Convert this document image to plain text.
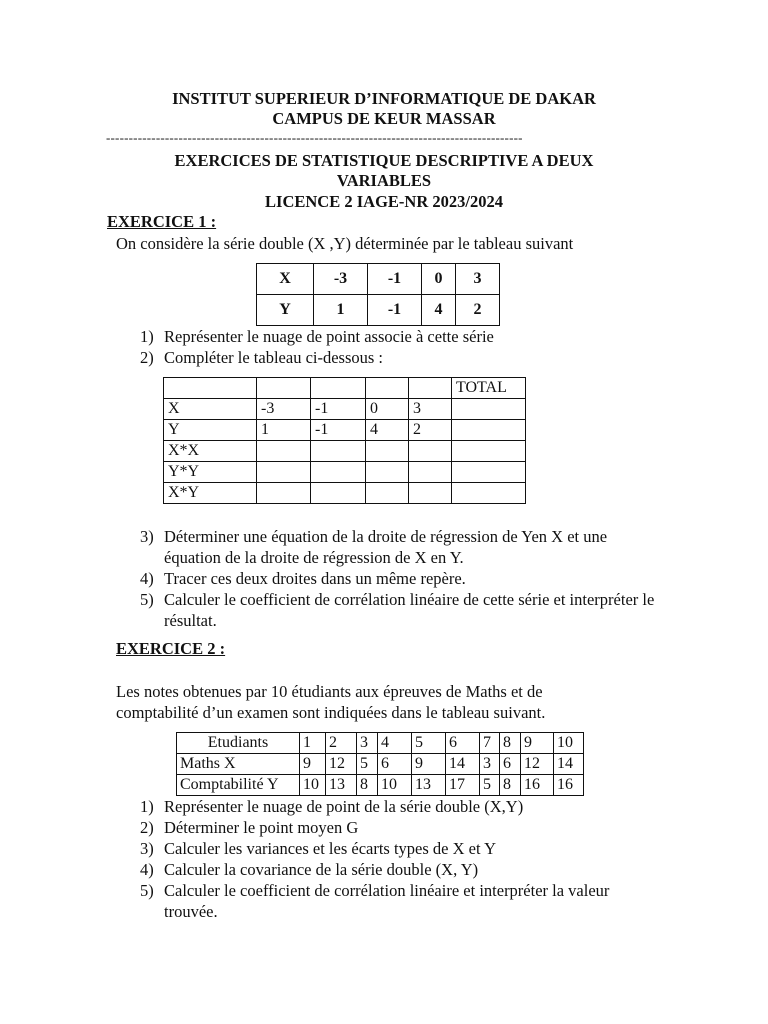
INSTITUT SUPERIEUR D’INFORMATIQUE DE DAKAR
CAMPUS DE KEUR MASSAR
--------------------------------------------------------------------------------------------
EXERCICES DE STATISTIQUE DESCRIPTIVE A DEUX
VARIABLES
LICENCE 2 IAGE-NR 2023/2024
EXERCICE 1 :
On considère la série double (X ,Y) déterminée par le tableau suivant
X	-3	-1	0	3
Y	1	-1	4	2
1) Représenter le nuage de point associe à cette série
2) Compléter le tableau ci-dessous :
					TOTAL
X	-3	-1	0	3	
Y	1	-1	4	2	
X*X					
Y*Y					
X*Y					
3) Déterminer une équation de la droite de régression de Yen X et une équation de la droite de régression de X en Y.
4) Tracer ces deux droites dans un même repère.
5) Calculer le coefficient de corrélation linéaire de cette série et interpréter le résultat.
EXERCICE 2 :
Les notes obtenues par 10 étudiants aux épreuves de Maths et de comptabilité d’un examen sont indiquées dans le tableau suivant.
Etudiants	1	2	3	4	5	6	7	8	9	10
Maths X	9	12	5	6	9	14	3	6	12	14
Comptabilité Y	10	13	8	10	13	17	5	8	16	16
1) Représenter le nuage de point de la série double (X,Y)
2) Déterminer le point moyen G
3) Calculer les variances et les écarts types de X et Y
4) Calculer la covariance de la série double (X, Y)
5) Calculer le coefficient de corrélation linéaire et interpréter la valeur trouvée.
